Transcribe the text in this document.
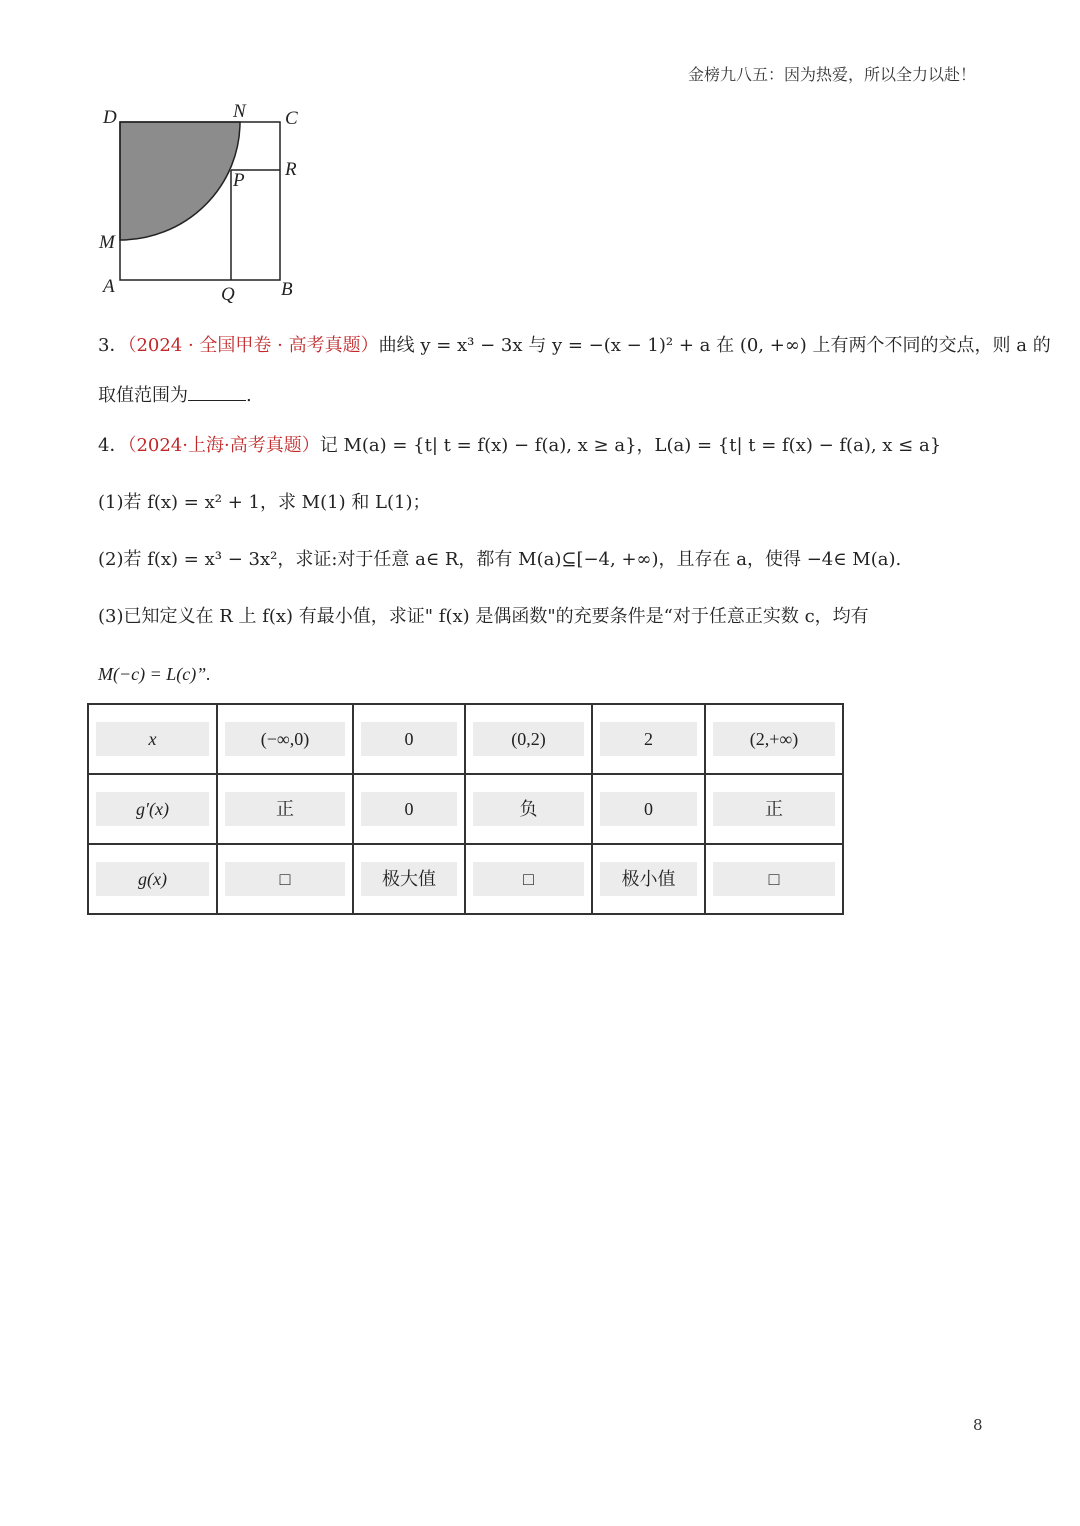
金榜九八五：因为热爱，所以全力以赴！
D	N C
R
P
M
A	Q B
3．（2024 · 全国甲卷 · 高考真题）曲线 y = x³ − 3x 与 y = −(x − 1)² + a 在 (0, +∞) 上有两个不同的交点，则 a 的
取值范围为	.
4．（2024·上海·高考真题）记 M(a) = {t| t = f(x) − f(a), x ≥ a}，L(a) = {t| t = f(x) − f(a), x ≤ a}
(1)若 f(x) = x² + 1，求 M(1) 和 L(1)；
(2)若 f(x) = x³ − 3x²，求证:对于任意 a∈ R，都有 M(a)⊆[−4, +∞)，且存在 a，使得 −4∈ M(a).
(3)已知定义在 R 上 f(x) 有最小值，求证" f(x) 是偶函数"的充要条件是“对于任意正实数 c，均有
M(−c) = L(c)”.
x	(−∞,0)	0	(0,2)	2	(2,+∞)

g′(x)	正	0	负	0	正

g(x)	□	极大值	□	极小值	□
8
